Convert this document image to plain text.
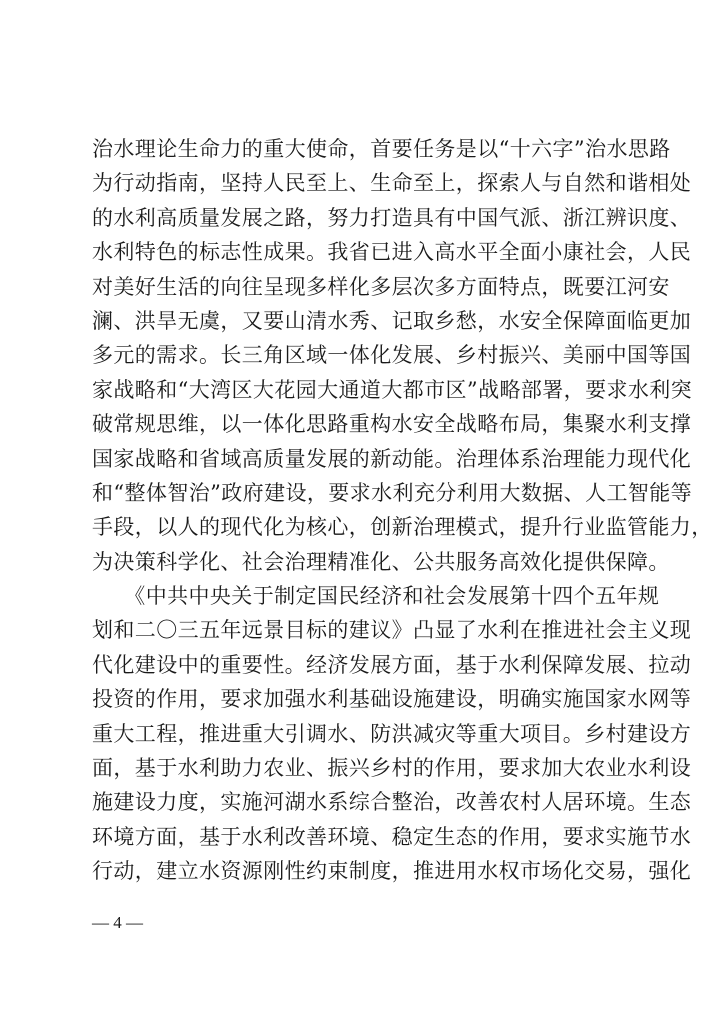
治水理论生命力的重大使命，首要任务是以“十六字”治水思路
为行动指南，坚持人民至上、生命至上，探索人与自然和谐相处
的水利高质量发展之路，努力打造具有中国气派、浙江辨识度、
水利特色的标志性成果。我省已进入高水平全面小康社会，人民
对美好生活的向往呈现多样化多层次多方面特点，既要江河安
澜、洪旱无虞，又要山清水秀、记取乡愁，水安全保障面临更加
多元的需求。长三角区域一体化发展、乡村振兴、美丽中国等国
家战略和“大湾区大花园大通道大都市区”战略部署，要求水利突
破常规思维，以一体化思路重构水安全战略布局，集聚水利支撑
国家战略和省域高质量发展的新动能。治理体系治理能力现代化
和“整体智治”政府建设，要求水利充分利用大数据、人工智能等
手段，以人的现代化为核心，创新治理模式，提升行业监管能力，
为决策科学化、社会治理精准化、公共服务高效化提供保障。
　　《中共中央关于制定国民经济和社会发展第十四个五年规
划和二〇三五年远景目标的建议》凸显了水利在推进社会主义现
代化建设中的重要性。经济发展方面，基于水利保障发展、拉动
投资的作用，要求加强水利基础设施建设，明确实施国家水网等
重大工程，推进重大引调水、防洪减灾等重大项目。乡村建设方
面，基于水利助力农业、振兴乡村的作用，要求加大农业水利设
施建设力度，实施河湖水系综合整治，改善农村人居环境。生态
环境方面，基于水利改善环境、稳定生态的作用，要求实施节水
行动，建立水资源刚性约束制度，推进用水权市场化交易，强化
— 4 —
